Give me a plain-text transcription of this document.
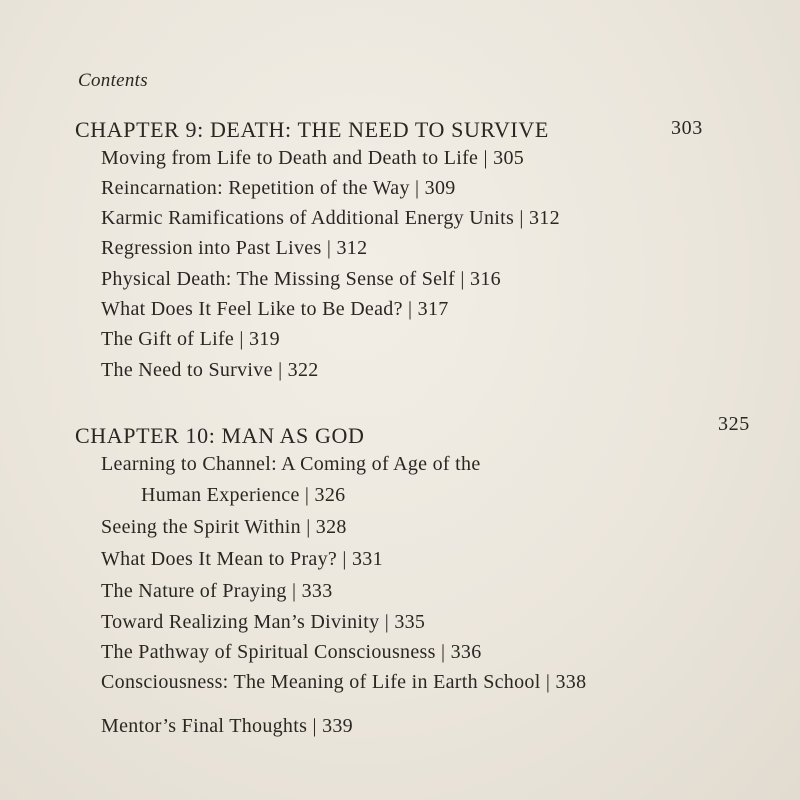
Contents
CHAPTER 9: DEATH: THE NEED TO SURVIVE	303
Moving from Life to Death and Death to Life | 305
Reincarnation: Repetition of the Way | 309
Karmic Ramifications of Additional Energy Units | 312
Regression into Past Lives | 312
Physical Death: The Missing Sense of Self | 316
What Does It Feel Like to Be Dead? | 317
The Gift of Life | 319
The Need to Survive | 322
CHAPTER 10: MAN AS GOD	325
Learning to Channel: A Coming of Age of the
Human Experience | 326
Seeing the Spirit Within | 328
What Does It Mean to Pray? | 331
The Nature of Praying | 333
Toward Realizing Man’s Divinity | 335
The Pathway of Spiritual Consciousness | 336
Consciousness: The Meaning of Life in Earth School | 338
Mentor’s Final Thoughts | 339
